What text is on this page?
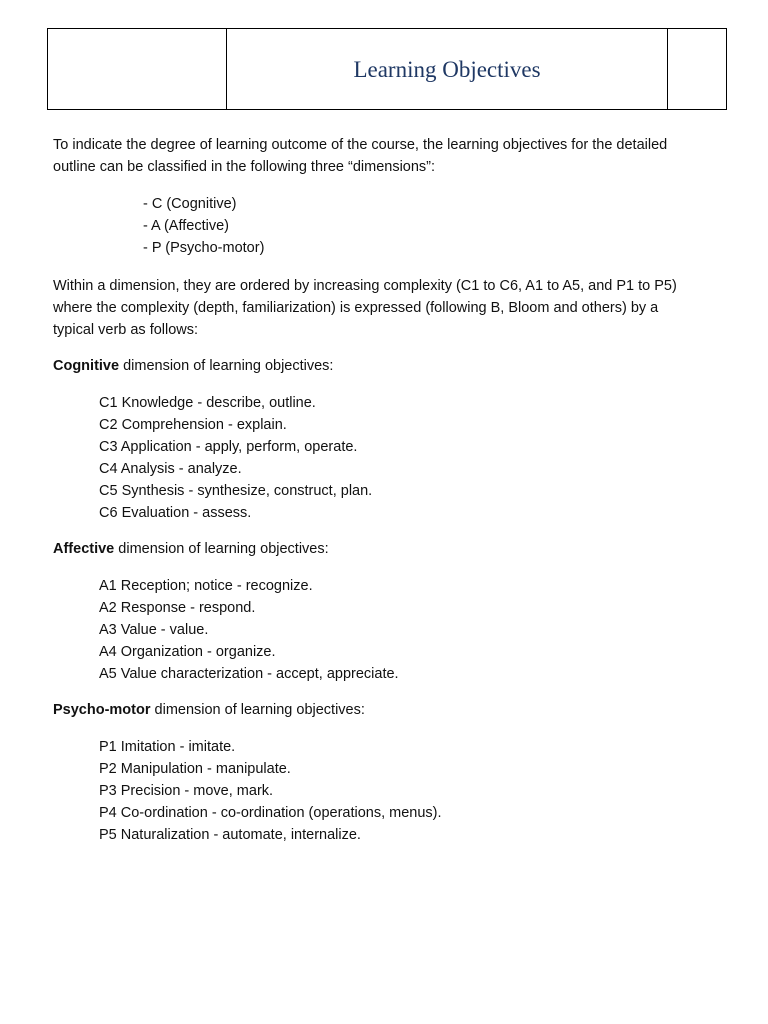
Learning Objectives

To indicate the degree of learning outcome of the course, the learning objectives for the detailed outline can be classified in the following three “dimensions”:

- C (Cognitive)
- A (Affective)
- P (Psycho-motor)

Within a dimension, they are ordered by increasing complexity (C1 to C6, A1 to A5, and P1 to P5) where the complexity (depth, familiarization) is expressed (following B, Bloom and others) by a typical verb as follows:

Cognitive dimension of learning objectives:

C1 Knowledge - describe, outline.
C2 Comprehension - explain.
C3 Application - apply, perform, operate.
C4 Analysis - analyze.
C5 Synthesis - synthesize, construct, plan.
C6 Evaluation - assess.

Affective dimension of learning objectives:

A1 Reception; notice - recognize.
A2 Response - respond.
A3 Value - value.
A4 Organization - organize.
A5 Value characterization - accept, appreciate.

Psycho-motor dimension of learning objectives:

P1 Imitation - imitate.
P2 Manipulation - manipulate.
P3 Precision - move, mark.
P4 Co-ordination - co-ordination (operations, menus).
P5 Naturalization - automate, internalize.
